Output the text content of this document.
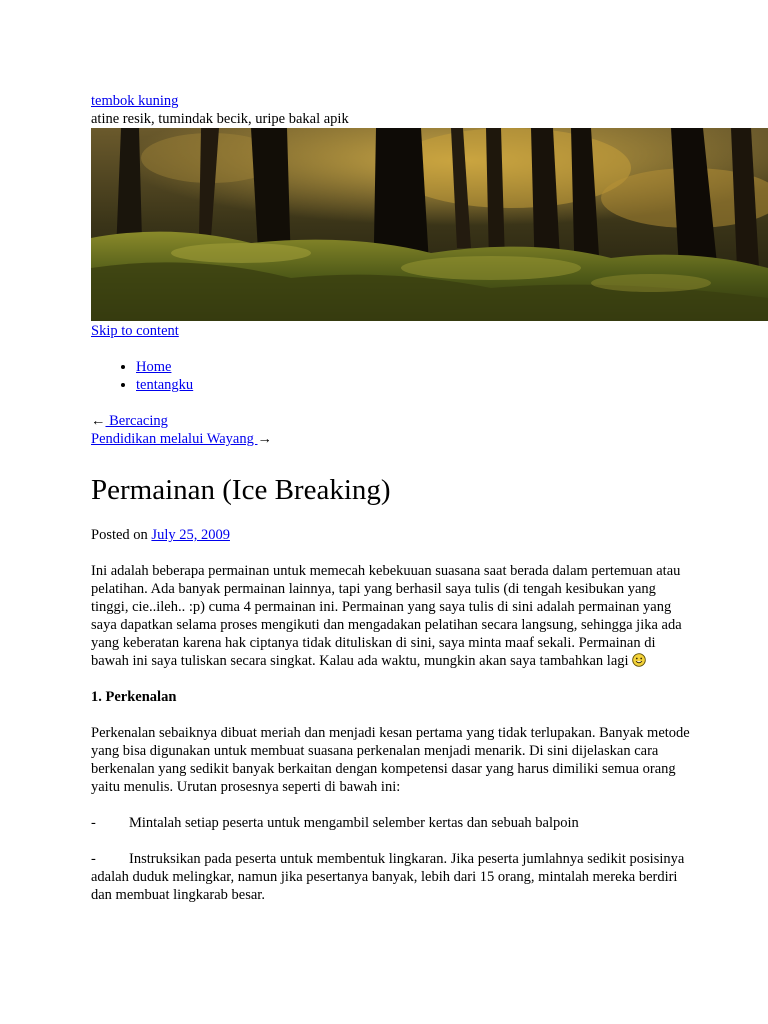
tembok kuning
atine resik, tumindak becik, uripe bakal apik
Skip to content
• Home
• tentangku
← Bercacing
Pendidikan melalui Wayang →
Permainan (Ice Breaking)
Posted on July 25, 2009

Ini adalah beberapa permainan untuk memecah kebekuuan suasana saat berada dalam pertemuan atau pelatihan. Ada banyak permainan lainnya, tapi yang berhasil saya tulis (di tengah kesibukan yang tinggi, cie..ileh.. :p) cuma 4 permainan ini. Permainan yang saya tulis di sini adalah permainan yang saya dapatkan selama proses mengikuti dan mengadakan pelatihan secara langsung, sehingga jika ada yang keberatan karena hak ciptanya tidak dituliskan di sini, saya minta maaf sekali. Permainan di bawah ini saya tuliskan secara singkat. Kalau ada waktu, mungkin akan saya tambahkan lagi

1. Perkenalan

Perkenalan sebaiknya dibuat meriah dan menjadi kesan pertama yang tidak terlupakan. Banyak metode yang bisa digunakan untuk membuat suasana perkenalan menjadi menarik. Di sini dijelaskan cara berkenalan yang sedikit banyak berkaitan dengan kompetensi dasar yang harus dimiliki semua orang yaitu menulis. Urutan prosesnya seperti di bawah ini:

- Mintalah setiap peserta untuk mengambil selember kertas dan sebuah balpoin
- Instruksikan pada peserta untuk membentuk lingkaran. Jika peserta jumlahnya sedikit posisinya adalah duduk melingkar, namun jika pesertanya banyak, lebih dari 15 orang, mintalah mereka berdiri dan membuat lingkarab besar.
